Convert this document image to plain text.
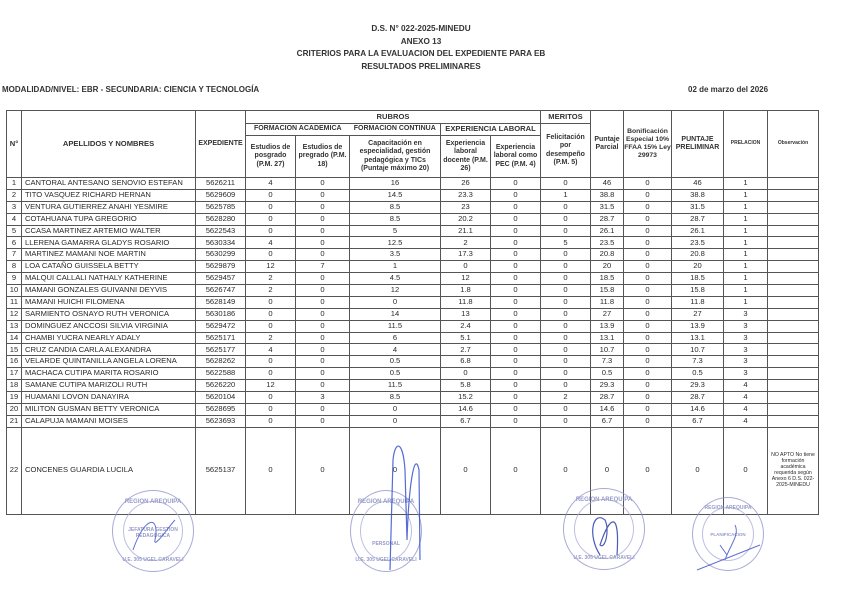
D.S. N° 022-2025-MINEDU
ANEXO 13
CRITERIOS PARA LA EVALUACION DEL EXPEDIENTE PARA EB
RESULTADOS PRELIMINARES
MODALIDAD/NIVEL: EBR - SECUNDARIA: CIENCIA Y TECNOLOGÍA	02 de marzo del 2026
N°	APELLIDOS Y NOMBRES	EXPEDIENTE	RUBROS					MERITOS	Puntaje Parcial	Bonificación Especial 10% FFAA 15% Ley 29973	PUNTAJE PRELIMINAR	PRELACION	Observación
			FORMACION ACADEMICA		FORMACION CONTINUA	EXPERIENCIA LABORAL		Felicitación por desempeño (P.M. 5)					
			Estudios de posgrado (P.M. 27)	Estudios de pregrado (P.M. 18)	Capacitación en especialidad, gestión pedagógica y TICs (Puntaje máximo 20)	Experiencia laboral docente (P.M. 26)	Experiencia laboral como PEC (P.M. 4)						
1	CANTORAL ANTESANO SENOVIO ESTEFAN	5626211	4	0	16	26	0	0	46	0	46	1	
2	TITO VASQUEZ RICHARD HERNAN	5629609	0	0	14.5	23.3	0	1	38.8	0	38.8	1	
3	VENTURA GUTIERREZ ANAHI YESMIRE	5625785	0	0	8.5	23	0	0	31.5	0	31.5	1	
4	COTAHUANA TUPA GREGORIO	5628280	0	0	8.5	20.2	0	0	28.7	0	28.7	1	
5	CCASA MARTINEZ ARTEMIO WALTER	5622543	0	0	5	21.1	0	0	26.1	0	26.1	1	
6	LLERENA GAMARRA GLADYS ROSARIO	5630334	4	0	12.5	2	0	5	23.5	0	23.5	1	
7	MARTINEZ MAMANI NOE MARTIN	5630299	0	0	3.5	17.3	0	0	20.8	0	20.8	1	
8	LOA CATAÑO GUISSELA BETTY	5629879	12	7	1	0	0	0	20	0	20	1	
9	MALQUI CALLALI NATHALY KATHERINE	5629457	2	0	4.5	12	0	0	18.5	0	18.5	1	
10	MAMANI GONZALES GUIVANNI DEYVIS	5626747	2	0	12	1.8	0	0	15.8	0	15.8	1	
11	MAMANI HUICHI FILOMENA	5628149	0	0	0	11.8	0	0	11.8	0	11.8	1	
12	SARMIENTO OSNAYO RUTH VERONICA	5630186	0	0	14	13	0	0	27	0	27	3	
13	DOMINGUEZ ANCCOSI SILVIA VIRGINIA	5629472	0	0	11.5	2.4	0	0	13.9	0	13.9	3	
14	CHAMBI YUCRA NEARLY ADALY	5625171	2	0	6	5.1	0	0	13.1	0	13.1	3	
15	CRUZ CANDIA CARLA ALEXANDRA	5625177	4	0	4	2.7	0	0	10.7	0	10.7	3	
16	VELARDE QUINTANILLA ANGELA LORENA	5628262	0	0	0.5	6.8	0	0	7.3	0	7.3	3	
17	MACHACA CUTIPA MARITA ROSARIO	5622588	0	0	0.5	0	0	0	0.5	0	0.5	3	
18	SAMANE CUTIPA MARIZOLI RUTH	5626220	12	0	11.5	5.8	0	0	29.3	0	29.3	4	
19	HUAMANI LOVON DANAYIRA	5620104	0	3	8.5	15.2	0	2	28.7	0	28.7	4	
20	MILITON GUSMAN BETTY VERONICA	5628695	0	0	0	14.6	0	0	14.6	0	14.6	4	
21	CALAPUJA MAMANI MOISES	5623693	0	0	0	6.7	0	0	6.7	0	6.7	4	
22	CONCENES GUARDIA LUCILA	5625137	0	0	0	0	0	0	0	0	0	0	NO APTO No tiene formación académica requerida según Anexo 6 D.S. 022-2025-MINEDU
REGION AREQUIPA
JEFATURA GESTION PEDAGOGICA
U.E. 305 UGEL CARAVELI
REGION AREQUIPA
PERSONAL
U.E. 305 UGEL CARAVELI
REGION AREQUIPA
U.E. 305 UGEL CARAVELI
REGION AREQUIPA
PLANIFICACION
